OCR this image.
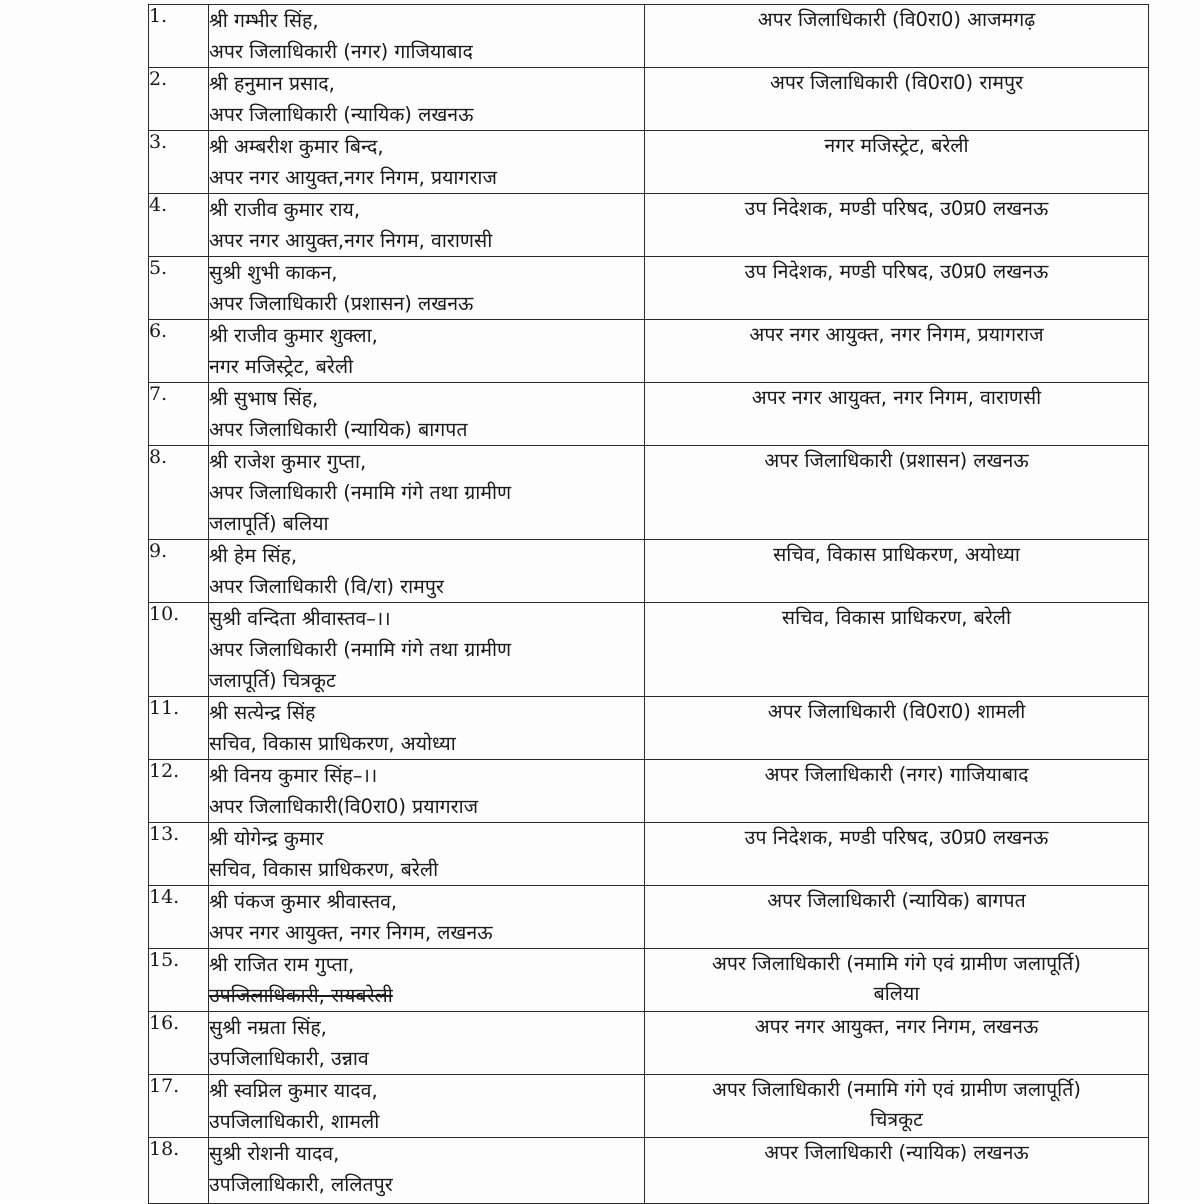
1.	श्री गम्भीर सिंह,
अपर जिलाधिकारी (नगर) गाजियाबाद	अपर जिलाधिकारी (वि0रा0) आजमगढ़

2.	श्री हनुमान प्रसाद,
अपर जिलाधिकारी (न्यायिक) लखनऊ	अपर जिलाधिकारी (वि0रा0) रामपुर

3.	श्री अम्बरीश कुमार बिन्द,
अपर नगर आयुक्त,नगर निगम, प्रयागराज	नगर मजिस्ट्रेट, बरेली

4.	श्री राजीव कुमार राय,
अपर नगर आयुक्त,नगर निगम, वाराणसी	उप निदेशक, मण्डी परिषद, उ0प्र0 लखनऊ

5.	सुश्री शुभी काकन,
अपर जिलाधिकारी (प्रशासन) लखनऊ	उप निदेशक, मण्डी परिषद, उ0प्र0 लखनऊ

6.	श्री राजीव कुमार शुक्ला,
नगर मजिस्ट्रेट, बरेली	अपर नगर आयुक्त, नगर निगम, प्रयागराज

7.	श्री सुभाष सिंह,
अपर जिलाधिकारी (न्यायिक) बागपत	अपर नगर आयुक्त, नगर निगम, वाराणसी

8.	श्री राजेश कुमार गुप्ता,
अपर जिलाधिकारी (नमामि गंगे तथा ग्रामीण
जलापूर्ति) बलिया	अपर जिलाधिकारी (प्रशासन) लखनऊ

9.	श्री हेम सिंह,
अपर जिलाधिकारी (वि/रा) रामपुर	सचिव, विकास प्राधिकरण, अयोध्या

10.	सुश्री वन्दिता श्रीवास्तव–।।
अपर जिलाधिकारी (नमामि गंगे तथा ग्रामीण
जलापूर्ति) चित्रकूट	सचिव, विकास प्राधिकरण, बरेली

11.	श्री सत्येन्द्र सिंह
सचिव, विकास प्राधिकरण, अयोध्या	अपर जिलाधिकारी (वि0रा0) शामली

12.	श्री विनय कुमार सिंह–।।
अपर जिलाधिकारी(वि0रा0) प्रयागराज	अपर जिलाधिकारी (नगर) गाजियाबाद

13.	श्री योगेन्द्र कुमार
सचिव, विकास प्राधिकरण, बरेली	उप निदेशक, मण्डी परिषद, उ0प्र0 लखनऊ

14.	श्री पंकज कुमार श्रीवास्तव,
अपर नगर आयुक्त, नगर निगम, लखनऊ	अपर जिलाधिकारी (न्यायिक) बागपत

15.	श्री राजित राम गुप्ता,
उपजिलाधिकारी, रायबरेली	अपर जिलाधिकारी (नमामि गंगे एवं ग्रामीण जलापूर्ति)
बलिया

16.	सुश्री नम्रता सिंह,
उपजिलाधिकारी, उन्नाव	अपर नगर आयुक्त, नगर निगम, लखनऊ

17.	श्री स्वप्निल कुमार यादव,
उपजिलाधिकारी, शामली	अपर जिलाधिकारी (नमामि गंगे एवं ग्रामीण जलापूर्ति)
चित्रकूट

18.	सुश्री रोशनी यादव,
उपजिलाधिकारी, ललितपुर	अपर जिलाधिकारी (न्यायिक) लखनऊ
